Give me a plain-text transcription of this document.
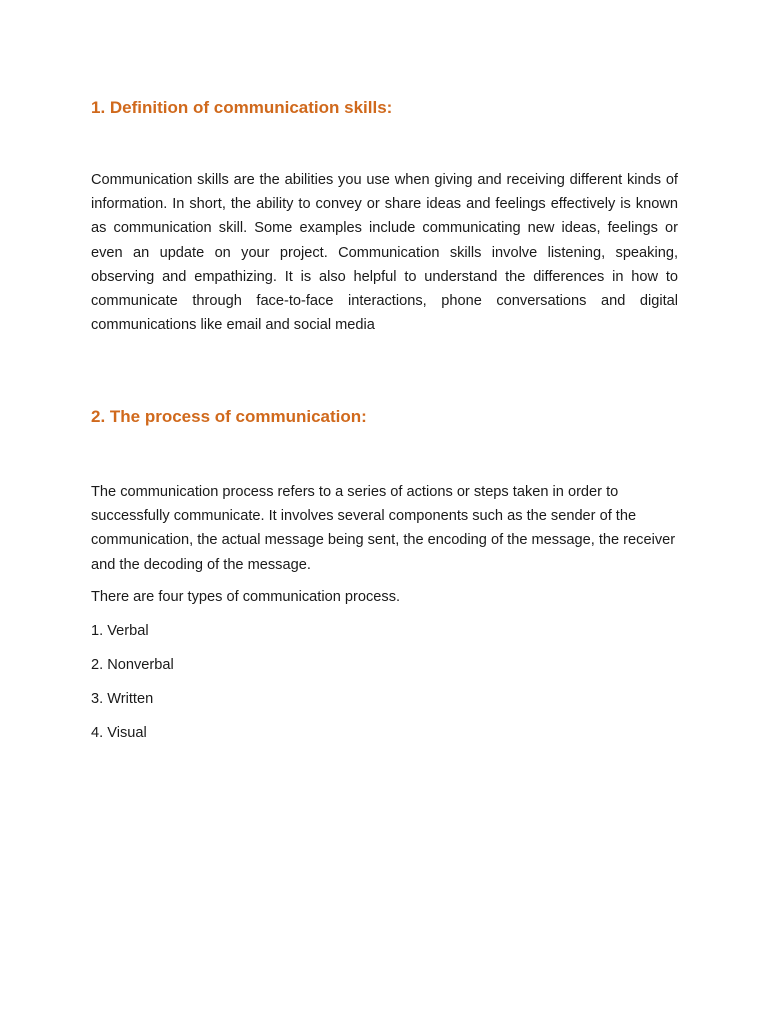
1. Definition of communication skills:

Communication skills are the abilities you use when giving and receiving different kinds of information. In short, the ability to convey or share ideas and feelings effectively is known as communication skill. Some examples include communicating new ideas, feelings or even an update on your project. Communication skills involve listening, speaking, observing and empathizing. It is also helpful to understand the differences in how to communicate through face-to-face interactions, phone conversations and digital communications like email and social media

2. The process of communication:

The communication process refers to a series of actions or steps taken in order to successfully communicate. It involves several components such as the sender of the communication, the actual message being sent, the encoding of the message, the receiver and the decoding of the message.

There are four types of communication process.

1. Verbal
2. Nonverbal
3. Written
4. Visual
